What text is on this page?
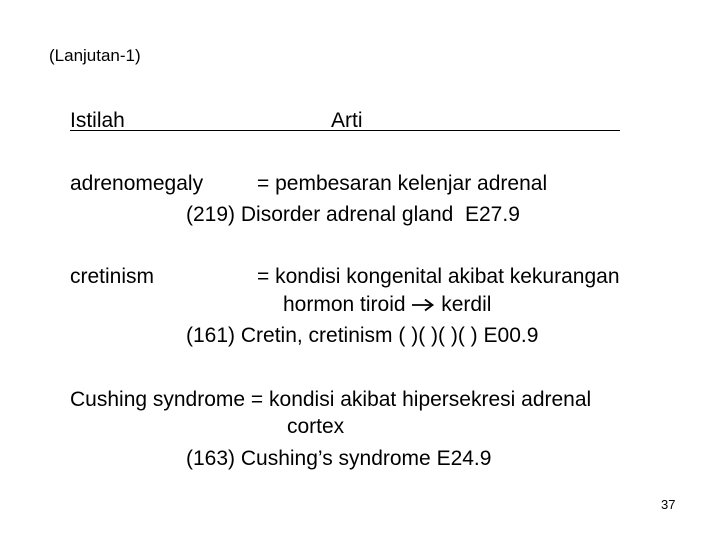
(Lanjutan-1)
Istilah	Arti
adrenomegaly	= pembesaran kelenjar adrenal
(219) Disorder adrenal gland  E27.9
cretinism	= kondisi kongenital akibat kekurangan
hormon tiroid  kerdil
(161) Cretin, cretinism ( )( )( )( ) E00.9
Cushing syndrome = kondisi akibat hipersekresi adrenal
cortex
(163) Cushing’s syndrome E24.9
37
